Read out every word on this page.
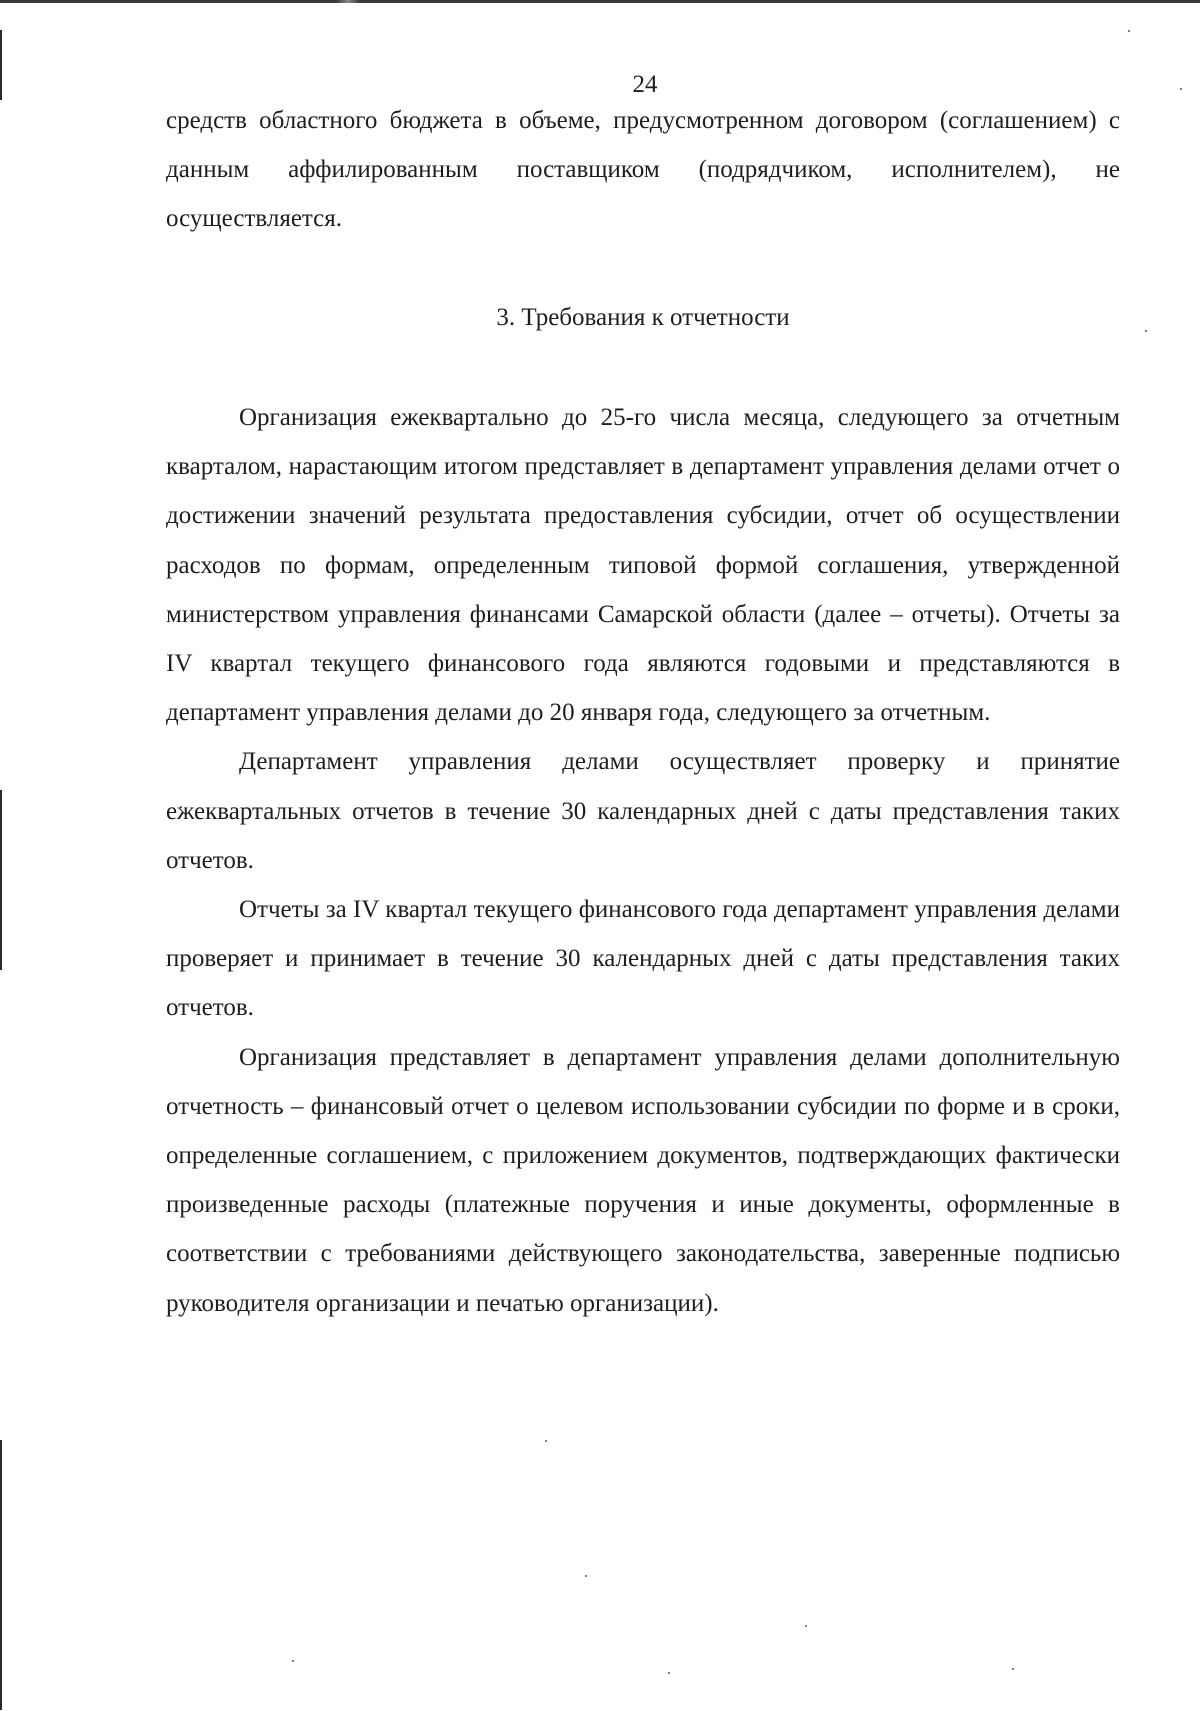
24

средств областного бюджета в объеме, предусмотренном договором (соглашением) с данным аффилированным поставщиком (подрядчиком, исполнителем), не осуществляется.

3. Требования к отчетности

Организация ежеквартально до 25-го числа месяца, следующего за отчетным кварталом, нарастающим итогом представляет в департамент управления делами отчет о достижении значений результата предоставления субсидии, отчет об осуществлении расходов по формам, определенным типовой формой соглашения, утвержденной министерством управления финансами Самарской области (далее – отчеты). Отчеты за IV квартал текущего финансового года являются годовыми и представляются в департамент управления делами до 20 января года, следующего за отчетным.

Департамент управления делами осуществляет проверку и принятие ежеквартальных отчетов в течение 30 календарных дней с даты представления таких отчетов.

Отчеты за IV квартал текущего финансового года департамент управления делами проверяет и принимает в течение 30 календарных дней с даты представления таких отчетов.

Организация представляет в департамент управления делами дополнительную отчетность – финансовый отчет о целевом использовании субсидии по форме и в сроки, определенные соглашением, с приложением документов, подтверждающих фактически произведенные расходы (платежные поручения и иные документы, оформленные в соответствии с требованиями действующего законодательства, заверенные подписью руководителя организации и печатью организации).
